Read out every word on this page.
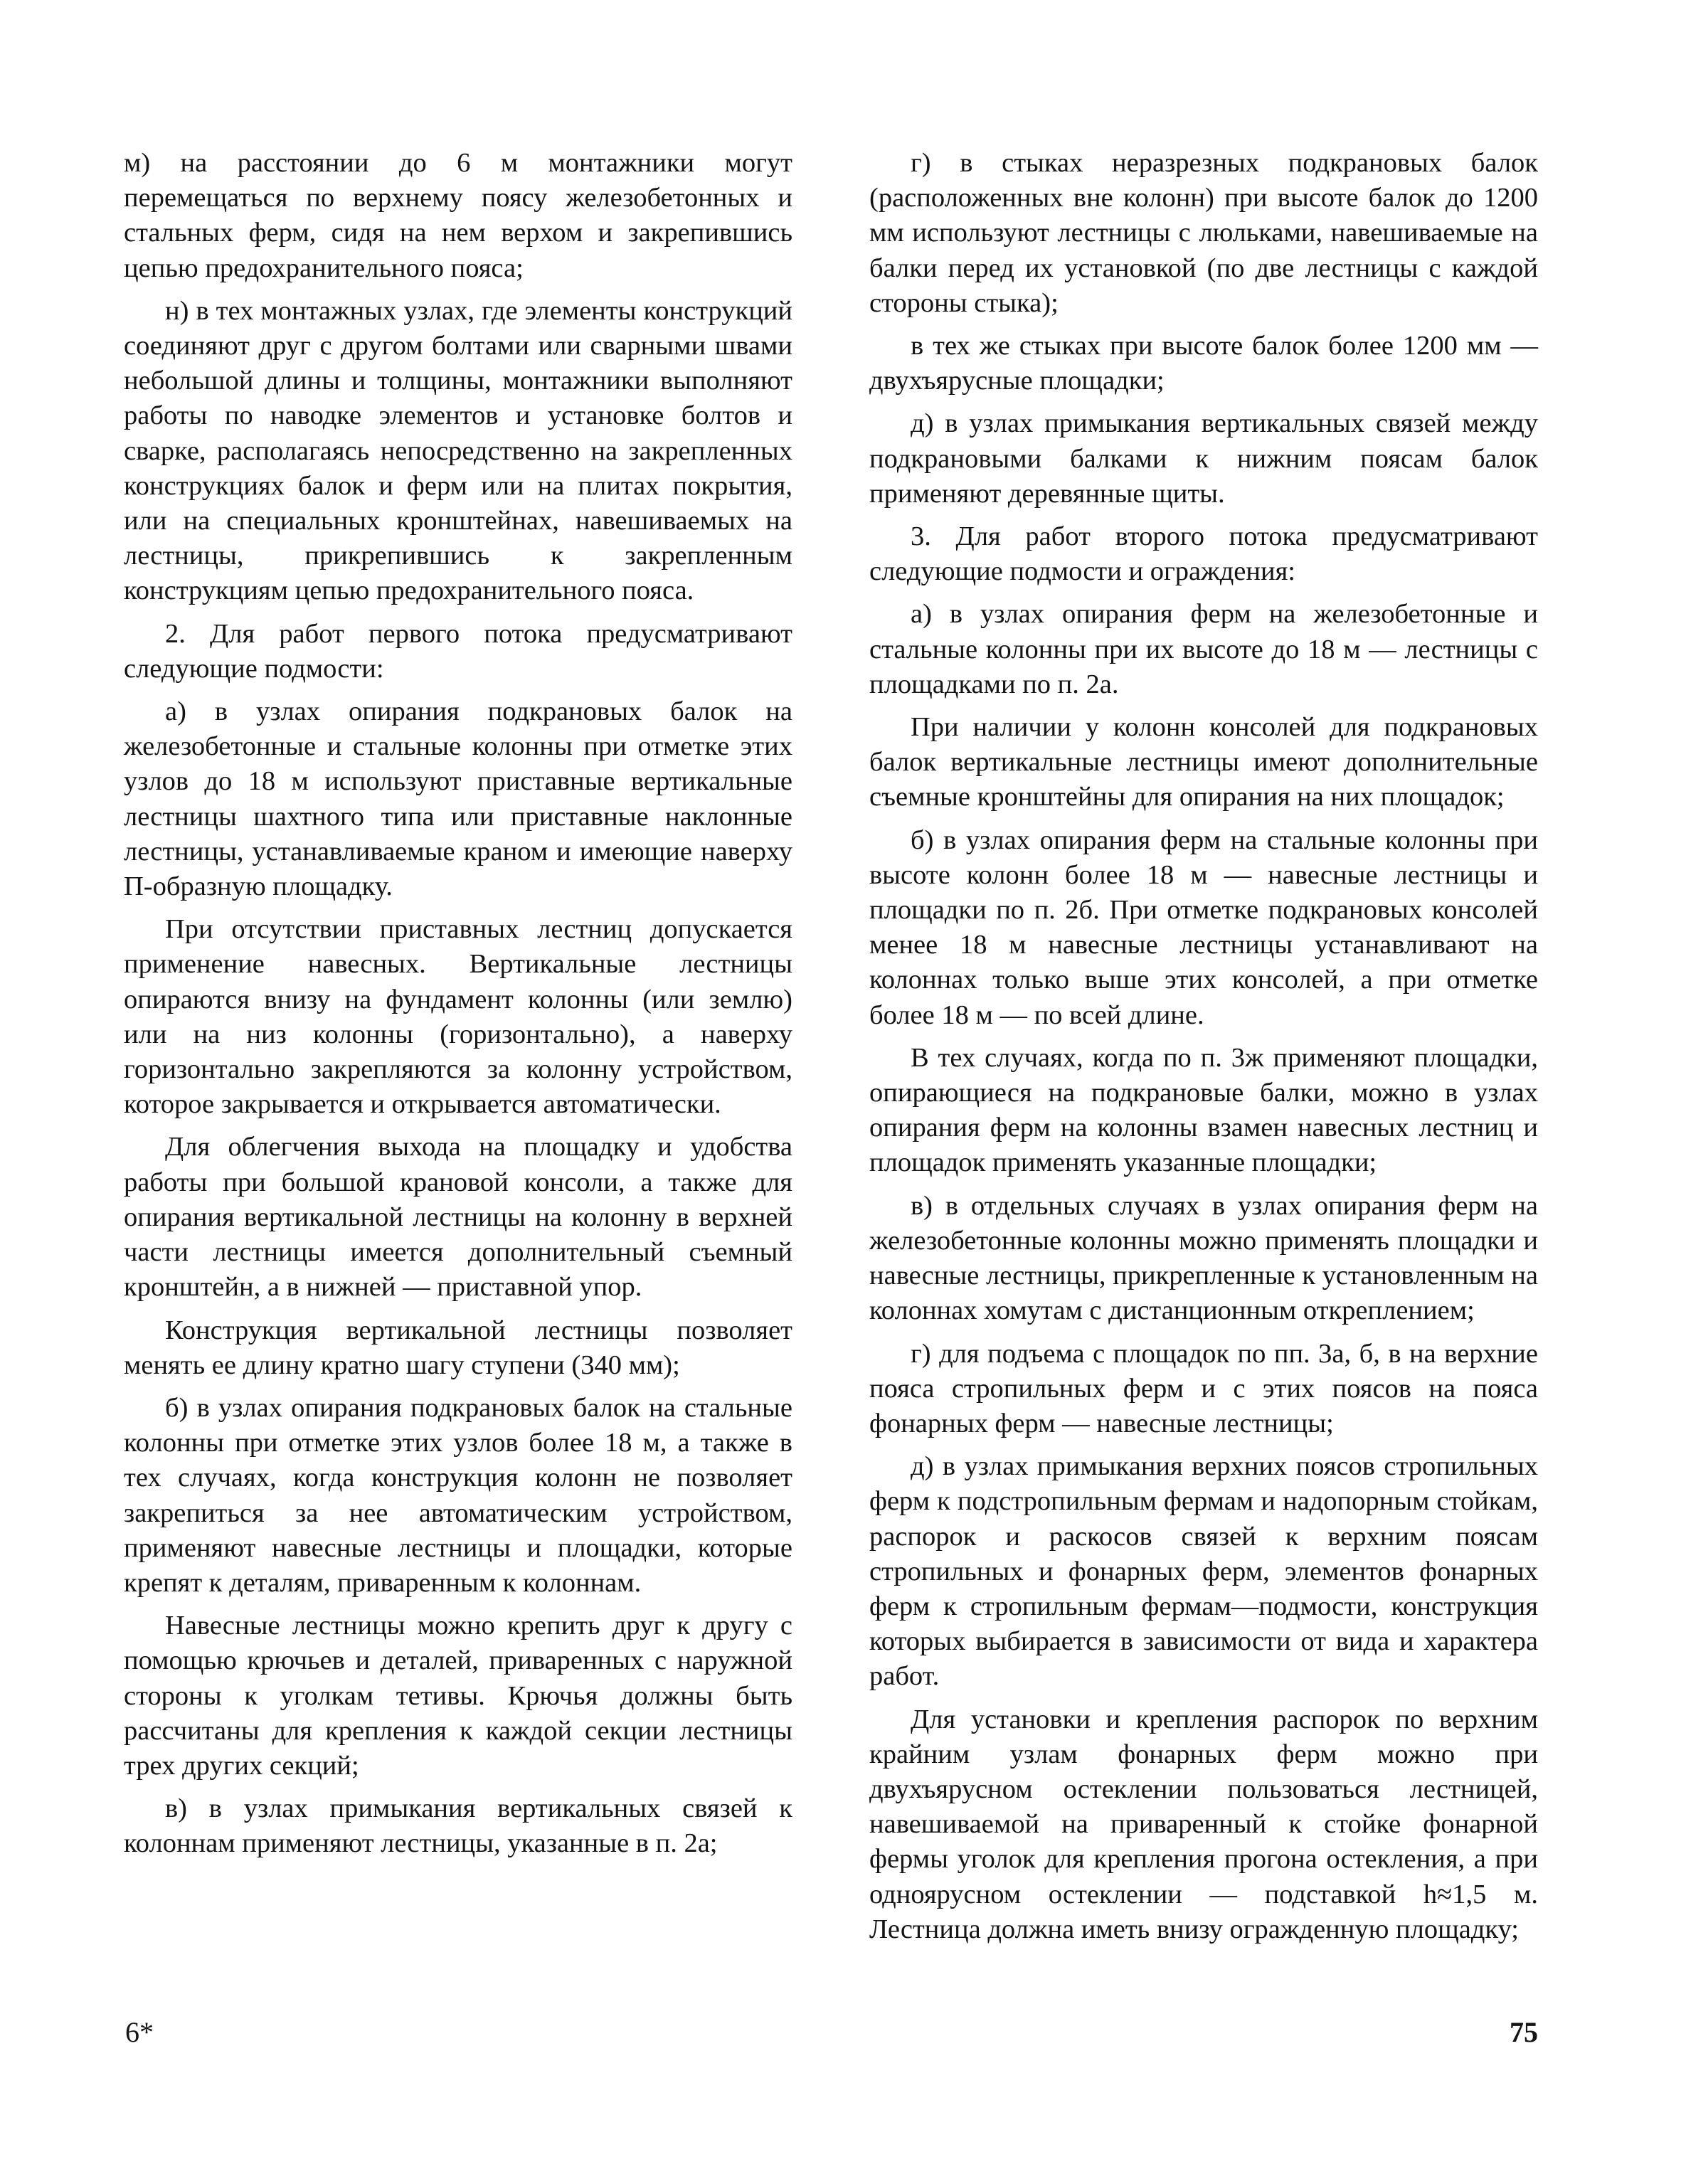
м) на расстоянии до 6 м монтажники могут перемещаться по верхнему поясу железобетонных и стальных ферм, сидя на нем верхом и закрепившись цепью предохранительного пояса;

н) в тех монтажных узлах, где элементы конструкций соединяют друг с другом болтами или сварными швами небольшой длины и толщины, монтажники выполняют работы по наводке элементов и установке болтов и сварке, располагаясь непосредственно на закрепленных конструкциях балок и ферм или на плитах покрытия, или на специальных кронштейнах, навешиваемых на лестницы, прикрепившись к закрепленным конструкциям цепью предохранительного пояса.

2. Для работ первого потока предусматривают следующие подмости:

а) в узлах опирания подкрановых балок на железобетонные и стальные колонны при отметке этих узлов до 18 м используют приставные вертикальные лестницы шахтного типа или приставные наклонные лестницы, устанавливаемые краном и имеющие наверху П-образную площадку.

При отсутствии приставных лестниц допускается применение навесных. Вертикальные лестницы опираются внизу на фундамент колонны (или землю) или на низ колонны (горизонтально), а наверху горизонтально закрепляются за колонну устройством, которое закрывается и открывается автоматически.

Для облегчения выхода на площадку и удобства работы при большой крановой консоли, а также для опирания вертикальной лестницы на колонну в верхней части лестницы имеется дополнительный съемный кронштейн, а в нижней — приставной упор.

Конструкция вертикальной лестницы позволяет менять ее длину кратно шагу ступени (340 мм);

б) в узлах опирания подкрановых балок на стальные колонны при отметке этих узлов более 18 м, а также в тех случаях, когда конструкция колонн не позволяет закрепиться за нее автоматическим устройством, применяют навесные лестницы и площадки, которые крепят к деталям, приваренным к колоннам.

Навесные лестницы можно крепить друг к другу с помощью крючьев и деталей, приваренных с наружной стороны к уголкам тетивы. Крючья должны быть рассчитаны для крепления к каждой секции лестницы трех других секций;

в) в узлах примыкания вертикальных связей к колоннам применяют лестницы, указанные в п. 2а;

г) в стыках неразрезных подкрановых балок (расположенных вне колонн) при высоте балок до 1200 мм используют лестницы с люльками, навешиваемые на балки перед их установкой (по две лестницы с каждой стороны стыка);

в тех же стыках при высоте балок более 1200 мм — двухъярусные площадки;

д) в узлах примыкания вертикальных связей между подкрановыми балками к нижним поясам балок применяют деревянные щиты.

3. Для работ второго потока предусматривают следующие подмости и ограждения:

а) в узлах опирания ферм на железобетонные и стальные колонны при их высоте до 18 м — лестницы с площадками по п. 2а.

При наличии у колонн консолей для подкрановых балок вертикальные лестницы имеют дополнительные съемные кронштейны для опирания на них площадок;

б) в узлах опирания ферм на стальные колонны при высоте колонн более 18 м — навесные лестницы и площадки по п. 2б. При отметке подкрановых консолей менее 18 м навесные лестницы устанавливают на колоннах только выше этих консолей, а при отметке более 18 м — по всей длине.

В тех случаях, когда по п. 3ж применяют площадки, опирающиеся на подкрановые балки, можно в узлах опирания ферм на колонны взамен навесных лестниц и площадок применять указанные площадки;

в) в отдельных случаях в узлах опирания ферм на железобетонные колонны можно применять площадки и навесные лестницы, прикрепленные к установленным на колоннах хомутам с дистанционным откреплением;

г) для подъема с площадок по пп. 3а, б, в на верхние пояса стропильных ферм и с этих поясов на пояса фонарных ферм — навесные лестницы;

д) в узлах примыкания верхних поясов стропильных ферм к подстропильным фермам и надопорным стойкам, распорок и раскосов связей к верхним поясам стропильных и фонарных ферм, элементов фонарных ферм к стропильным фермам—подмости, конструкция которых выбирается в зависимости от вида и характера работ.

Для установки и крепления распорок по верхним крайним узлам фонарных ферм можно при двухъярусном остеклении пользоваться лестницей, навешиваемой на приваренный к стойке фонарной фермы уголок для крепления прогона остекления, а при одноярусном остеклении — подставкой h≈1,5 м. Лестница должна иметь внизу огражденную площадку;

6*	75
